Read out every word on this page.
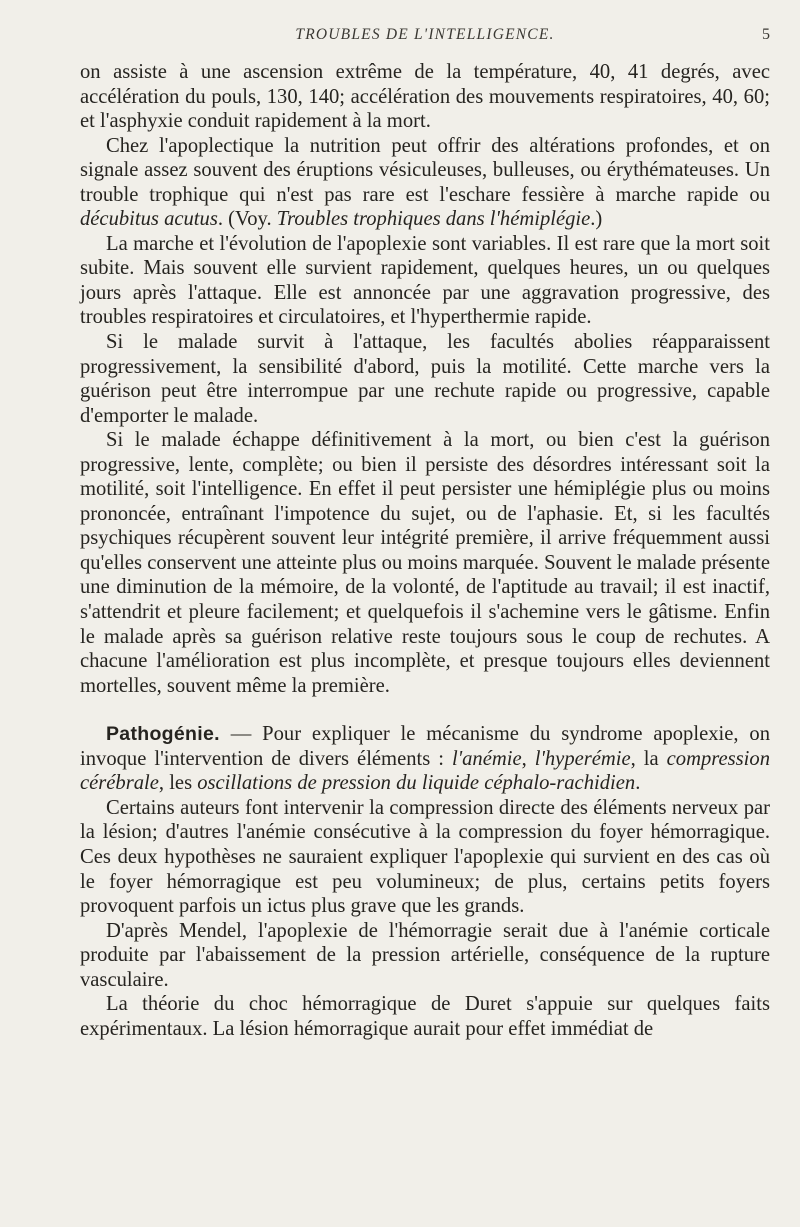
TROUBLES DE L'INTELLIGENCE.	5

on assiste à une ascension extrême de la température, 40, 41 degrés, avec accélération du pouls, 130, 140; accélération des mouvements respiratoires, 40, 60; et l'asphyxie conduit rapidement à la mort.

Chez l'apoplectique la nutrition peut offrir des altérations profondes, et on signale assez souvent des éruptions vésiculeuses, bulleuses, ou érythémateuses. Un trouble trophique qui n'est pas rare est l'eschare fessière à marche rapide ou décubitus acutus. (Voy. Troubles trophiques dans l'hémiplégie.)

La marche et l'évolution de l'apoplexie sont variables. Il est rare que la mort soit subite. Mais souvent elle survient rapidement, quelques heures, un ou quelques jours après l'attaque. Elle est annoncée par une aggravation progressive, des troubles respiratoires et circulatoires, et l'hyperthermie rapide.

Si le malade survit à l'attaque, les facultés abolies réapparaissent progressivement, la sensibilité d'abord, puis la motilité. Cette marche vers la guérison peut être interrompue par une rechute rapide ou progressive, capable d'emporter le malade.

Si le malade échappe définitivement à la mort, ou bien c'est la guérison progressive, lente, complète; ou bien il persiste des désordres intéressant soit la motilité, soit l'intelligence. En effet il peut persister une hémiplégie plus ou moins prononcée, entraînant l'impotence du sujet, ou de l'aphasie. Et, si les facultés psychiques récupèrent souvent leur intégrité première, il arrive fréquemment aussi qu'elles conservent une atteinte plus ou moins marquée. Souvent le malade présente une diminution de la mémoire, de la volonté, de l'aptitude au travail; il est inactif, s'attendrit et pleure facilement; et quelquefois il s'achemine vers le gâtisme. Enfin le malade après sa guérison relative reste toujours sous le coup de rechutes. A chacune l'amélioration est plus incomplète, et presque toujours elles deviennent mortelles, souvent même la première.

Pathogénie. — Pour expliquer le mécanisme du syndrome apoplexie, on invoque l'intervention de divers éléments : l'anémie, l'hyperémie, la compression cérébrale, les oscillations de pression du liquide céphalo-rachidien.

Certains auteurs font intervenir la compression directe des éléments nerveux par la lésion; d'autres l'anémie consécutive à la compression du foyer hémorragique. Ces deux hypothèses ne sauraient expliquer l'apoplexie qui survient en des cas où le foyer hémorragique est peu volumineux; de plus, certains petits foyers provoquent parfois un ictus plus grave que les grands.

D'après Mendel, l'apoplexie de l'hémorragie serait due à l'anémie corticale produite par l'abaissement de la pression artérielle, conséquence de la rupture vasculaire.

La théorie du choc hémorragique de Duret s'appuie sur quelques faits expérimentaux. La lésion hémorragique aurait pour effet immédiat de
